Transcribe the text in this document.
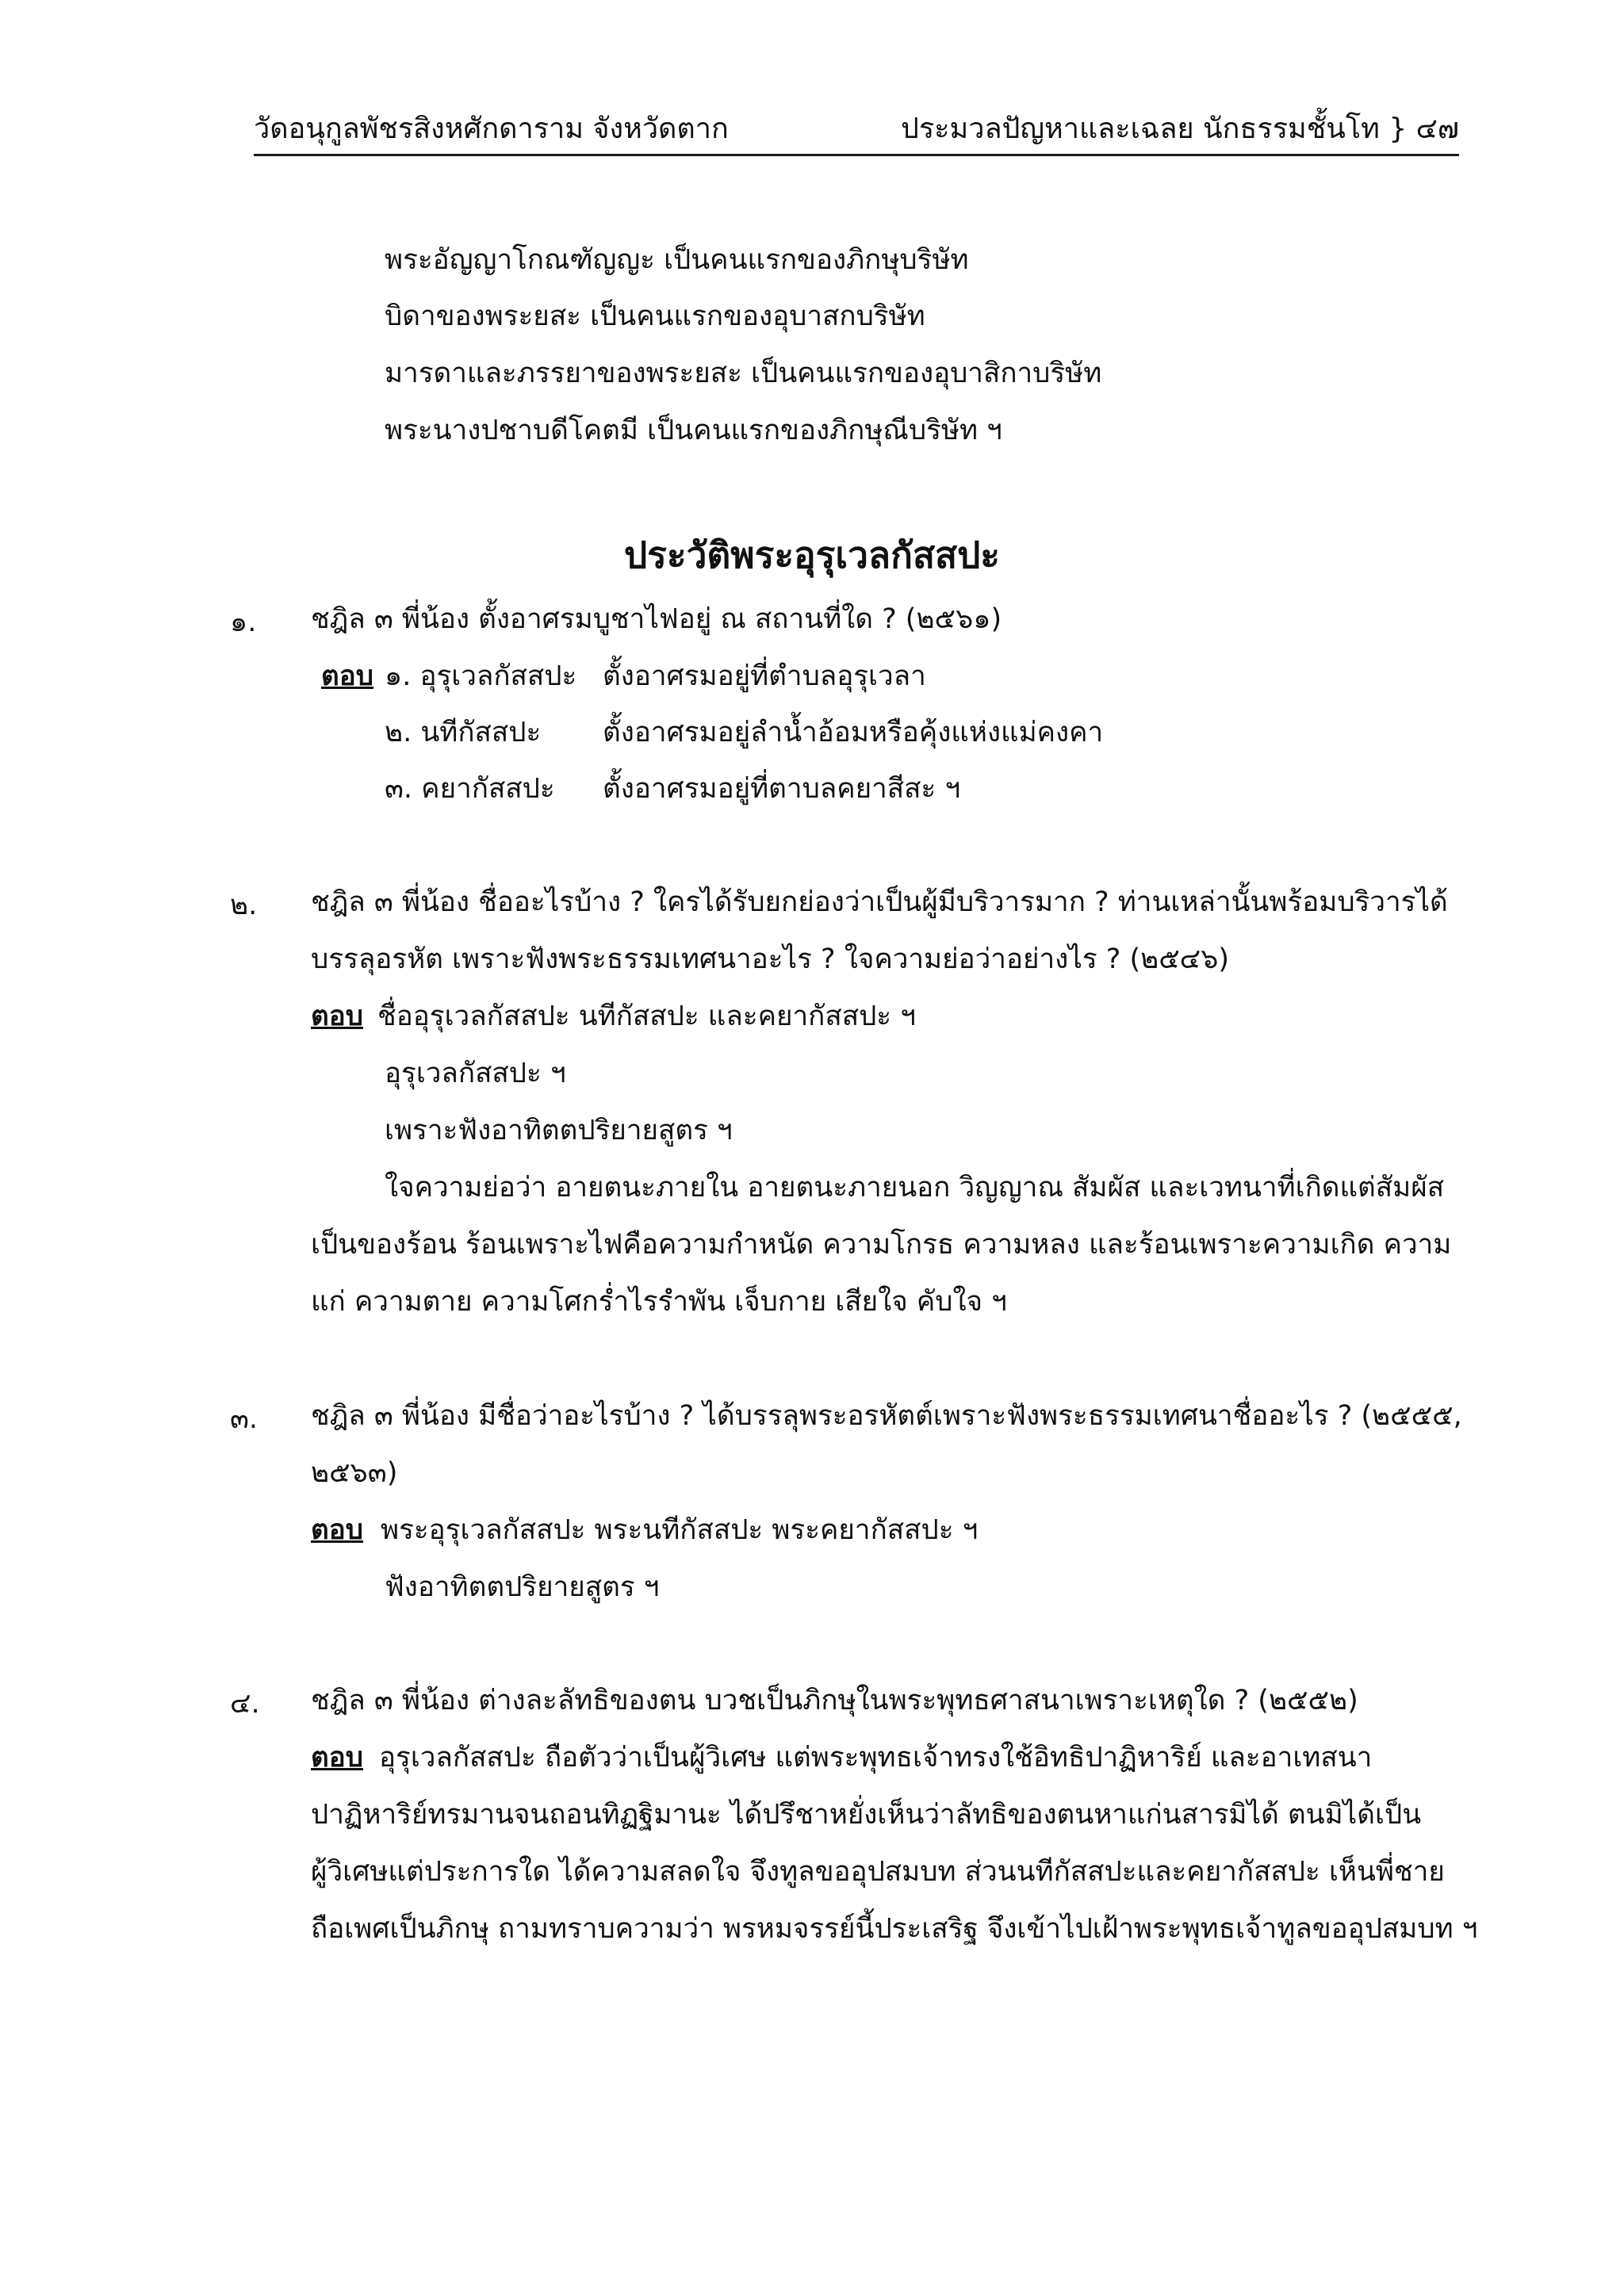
วัดอนุกูลพัชรสิงหศักดาราม จังหวัดตาก	ประมวลปัญหาและเฉลย นักธรรมชั้นโท } ๔๗
พระอัญญาโกณฑัญญะ เป็นคนแรกของภิกษุบริษัท
บิดาของพระยสะ เป็นคนแรกของอุบาสกบริษัท
มารดาและภรรยาของพระยสะ เป็นคนแรกของอุบาสิกาบริษัท
พระนางปชาบดีโคตมี เป็นคนแรกของภิกษุณีบริษัท ฯ
ประวัติพระอุรุเวลกัสสปะ
๑. ชฎิล ๓ พี่น้อง ตั้งอาศรมบูชาไฟอยู่ ณ สถานที่ใด ? (๒๕๖๑)
ตอบ ๑. อุรุเวลกัสสปะ ตั้งอาศรมอยู่ที่ตำบลอุรุเวลา
๒. นทีกัสสปะ ตั้งอาศรมอยู่ลำน้ำอ้อมหรือคุ้งแห่งแม่คงคา
๓. คยากัสสปะ ตั้งอาศรมอยู่ที่ตาบลคยาสีสะ ฯ
๒. ชฎิล ๓ พี่น้อง ชื่ออะไรบ้าง ? ใครได้รับยกย่องว่าเป็นผู้มีบริวารมาก ? ท่านเหล่านั้นพร้อมบริวารได้
บรรลุอรหัต เพราะฟังพระธรรมเทศนาอะไร ? ใจความย่อว่าอย่างไร ? (๒๕๔๖)
ตอบ ชื่ออุรุเวลกัสสปะ นทีกัสสปะ และคยากัสสปะ ฯ
อุรุเวลกัสสปะ ฯ
เพราะฟังอาทิตตปริยายสูตร ฯ
ใจความย่อว่า อายตนะภายใน อายตนะภายนอก วิญญาณ สัมผัส และเวทนาที่เกิดแต่สัมผัส
เป็นของร้อน ร้อนเพราะไฟคือความกำหนัด ความโกรธ ความหลง และร้อนเพราะความเกิด ความ
แก่ ความตาย ความโศกร่ำไรรำพัน เจ็บกาย เสียใจ คับใจ ฯ
๓. ชฎิล ๓ พี่น้อง มีชื่อว่าอะไรบ้าง ? ได้บรรลุพระอรหัตต์เพราะฟังพระธรรมเทศนาชื่ออะไร ? (๒๕๕๕,
๒๕๖๓)
ตอบ พระอุรุเวลกัสสปะ พระนทีกัสสปะ พระคยากัสสปะ ฯ
ฟังอาทิตตปริยายสูตร ฯ
๔. ชฎิล ๓ พี่น้อง ต่างละลัทธิของตน บวชเป็นภิกษุในพระพุทธศาสนาเพราะเหตุใด ? (๒๕๕๒)
ตอบ อุรุเวลกัสสปะ ถือตัวว่าเป็นผู้วิเศษ แต่พระพุทธเจ้าทรงใช้อิทธิปาฏิหาริย์ และอาเทสนา
ปาฏิหาริย์ทรมานจนถอนทิฏฐิมานะ ได้ปรึชาหยั่งเห็นว่าลัทธิของตนหาแก่นสารมิได้ ตนมิได้เป็น
ผู้วิเศษแต่ประการใด ได้ความสลดใจ จึงทูลขออุปสมบท ส่วนนทีกัสสปะและคยากัสสปะ เห็นพี่ชาย
ถือเพศเป็นภิกษุ ถามทราบความว่า พรหมจรรย์นี้ประเสริฐ จึงเข้าไปเฝ้าพระพุทธเจ้าทูลขออุปสมบท ฯ
